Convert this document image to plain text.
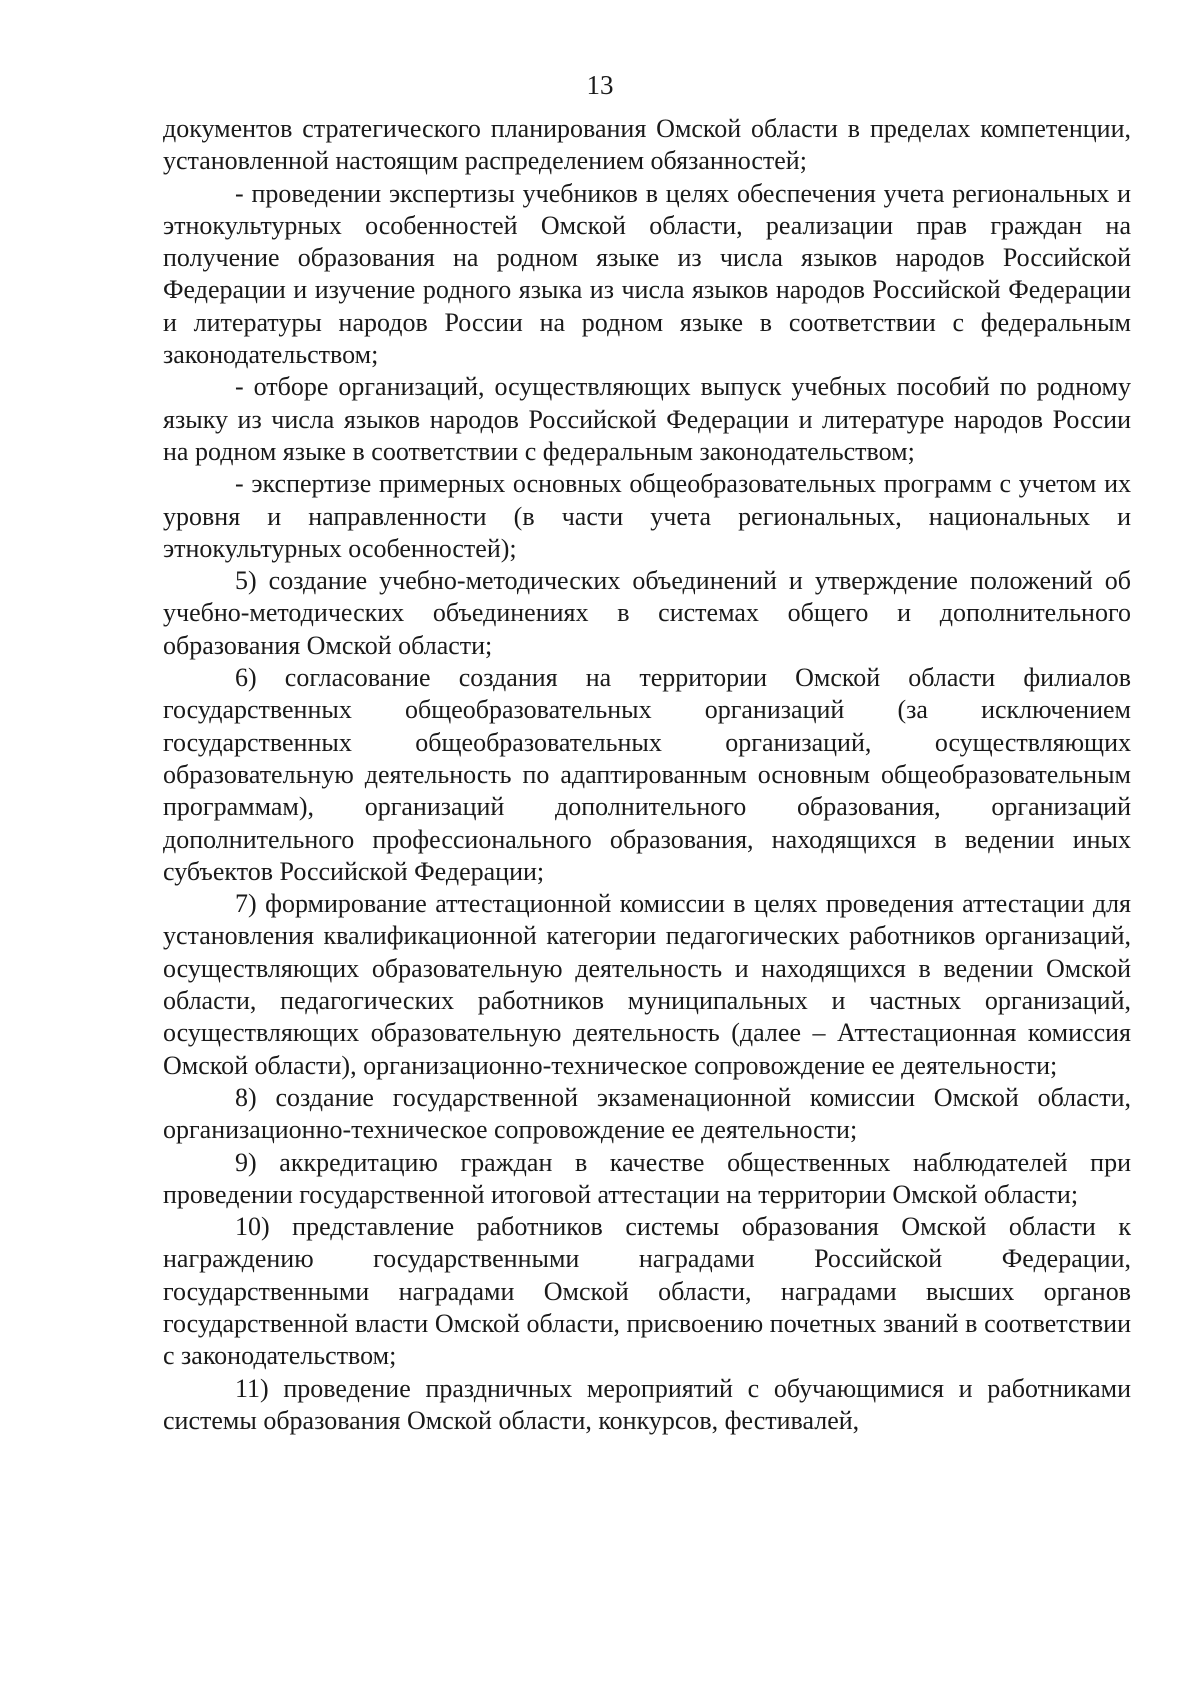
13

документов стратегического планирования Омской области в пределах компетенции, установленной настоящим распределением обязанностей;

- проведении экспертизы учебников в целях обеспечения учета региональных и этнокультурных особенностей Омской области, реализации прав граждан на получение образования на родном языке из числа языков народов Российской Федерации и изучение родного языка из числа языков народов Российской Федерации и литературы народов России на родном языке в соответствии с федеральным законодательством;

- отборе организаций, осуществляющих выпуск учебных пособий по родному языку из числа языков народов Российской Федерации и литературе народов России на родном языке в соответствии с федеральным законодательством;

- экспертизе примерных основных общеобразовательных программ с учетом их уровня и направленности (в части учета региональных, национальных и этнокультурных особенностей);

5) создание учебно-методических объединений и утверждение положений об учебно-методических объединениях в системах общего и дополнительного образования Омской области;

6) согласование создания на территории Омской области филиалов государственных общеобразовательных организаций (за исключением государственных общеобразовательных организаций, осуществляющих образовательную деятельность по адаптированным основным общеобразовательным программам), организаций дополнительного образования, организаций дополнительного профессионального образования, находящихся в ведении иных субъектов Российской Федерации;

7) формирование аттестационной комиссии в целях проведения аттестации для установления квалификационной категории педагогических работников организаций, осуществляющих образовательную деятельность и находящихся в ведении Омской области, педагогических работников муниципальных и частных организаций, осуществляющих образовательную деятельность (далее – Аттестационная комиссия Омской области), организационно-техническое сопровождение ее деятельности;

8) создание государственной экзаменационной комиссии Омской области, организационно-техническое сопровождение ее деятельности;

9) аккредитацию граждан в качестве общественных наблюдателей при проведении государственной итоговой аттестации на территории Омской области;

10) представление работников системы образования Омской области к награждению государственными наградами Российской Федерации, государственными наградами Омской области, наградами высших органов государственной власти Омской области, присвоению почетных званий в соответствии с законодательством;

11) проведение праздничных мероприятий с обучающимися и работниками системы образования Омской области, конкурсов, фестивалей,
